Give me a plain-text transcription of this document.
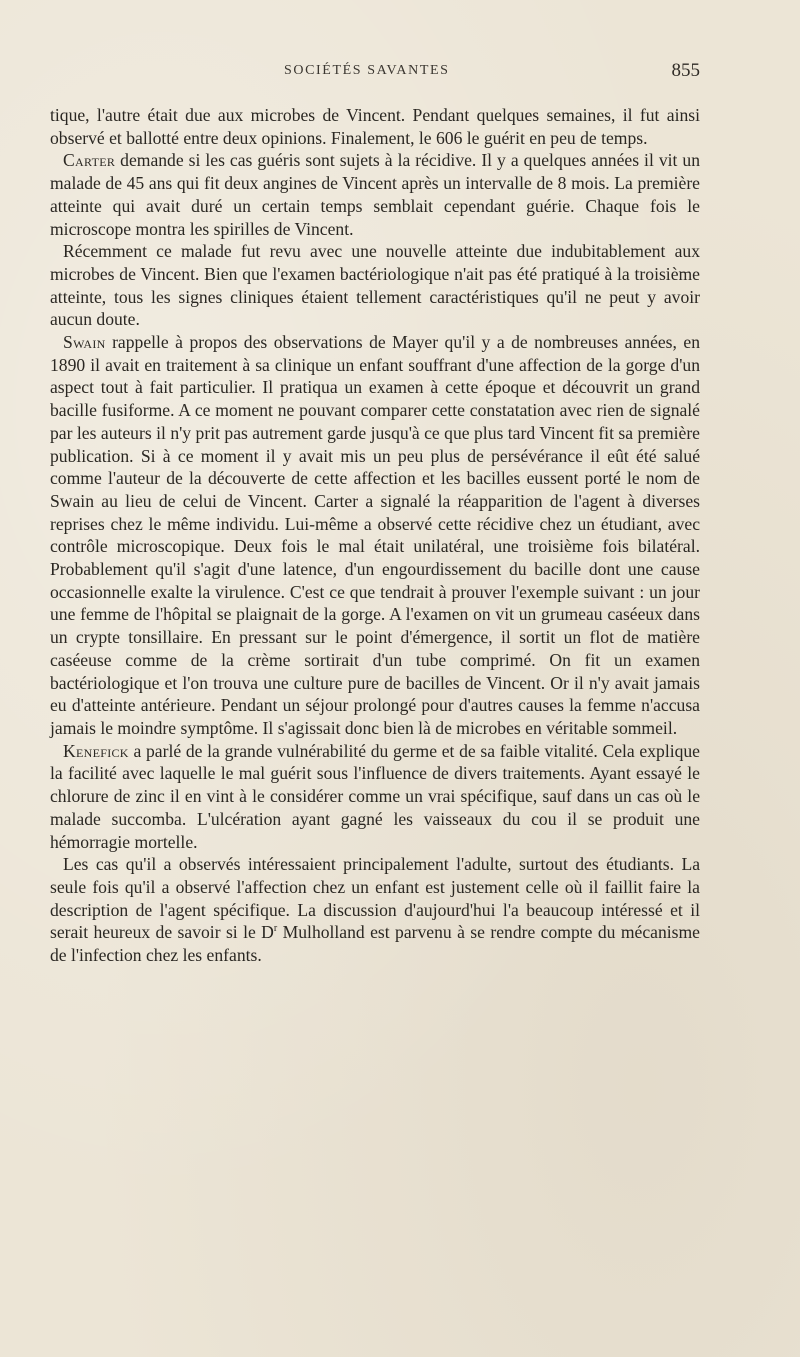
SOCIÉTÉS SAVANTES	855

tique, l'autre était due aux microbes de Vincent. Pendant quelques semaines, il fut ainsi observé et ballotté entre deux opinions. Finalement, le 606 le guérit en peu de temps.

Carter demande si les cas guéris sont sujets à la récidive. Il y a quelques années il vit un malade de 45 ans qui fit deux angines de Vincent après un intervalle de 8 mois. La première atteinte qui avait duré un certain temps semblait cependant guérie. Chaque fois le microscope montra les spirilles de Vincent.

Récemment ce malade fut revu avec une nouvelle atteinte due indubitablement aux microbes de Vincent. Bien que l'examen bactériologique n'ait pas été pratiqué à la troisième atteinte, tous les signes cliniques étaient tellement caractéristiques qu'il ne peut y avoir aucun doute.

Swain rappelle à propos des observations de Mayer qu'il y a de nombreuses années, en 1890 il avait en traitement à sa clinique un enfant souffrant d'une affection de la gorge d'un aspect tout à fait particulier. Il pratiqua un examen à cette époque et découvrit un grand bacille fusiforme. A ce moment ne pouvant comparer cette constatation avec rien de signalé par les auteurs il n'y prit pas autrement garde jusqu'à ce que plus tard Vincent fit sa première publication. Si à ce moment il y avait mis un peu plus de persévérance il eût été salué comme l'auteur de la découverte de cette affection et les bacilles eussent porté le nom de Swain au lieu de celui de Vincent. Carter a signalé la réapparition de l'agent à diverses reprises chez le même individu. Lui-même a observé cette récidive chez un étudiant, avec contrôle microscopique. Deux fois le mal était unilatéral, une troisième fois bilatéral. Probablement qu'il s'agit d'une latence, d'un engourdissement du bacille dont une cause occasionnelle exalte la virulence. C'est ce que tendrait à prouver l'exemple suivant : un jour une femme de l'hôpital se plaignait de la gorge. A l'examen on vit un grumeau caséeux dans un crypte tonsillaire. En pressant sur le point d'émergence, il sortit un flot de matière caséeuse comme de la crème sortirait d'un tube comprimé. On fit un examen bactériologique et l'on trouva une culture pure de bacilles de Vincent. Or il n'y avait jamais eu d'atteinte antérieure. Pendant un séjour prolongé pour d'autres causes la femme n'accusa jamais le moindre symptôme. Il s'agissait donc bien là de microbes en véritable sommeil.

Kenefick a parlé de la grande vulnérabilité du germe et de sa faible vitalité. Cela explique la facilité avec laquelle le mal guérit sous l'influence de divers traitements. Ayant essayé le chlorure de zinc il en vint à le considérer comme un vrai spécifique, sauf dans un cas où le malade succomba. L'ulcération ayant gagné les vaisseaux du cou il se produit une hémorragie mortelle.

Les cas qu'il a observés intéressaient principalement l'adulte, surtout des étudiants. La seule fois qu'il a observé l'affection chez un enfant est justement celle où il faillit faire la description de l'agent spécifique. La discussion d'aujourd'hui l'a beaucoup intéressé et il serait heureux de savoir si le $D^r$ Mulholland est parvenu à se rendre compte du mécanisme de l'infection chez les enfants.
